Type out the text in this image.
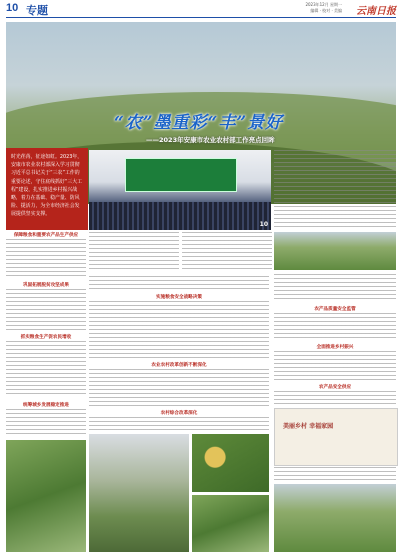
10 专题	2023年12月 星期一
编辑 · 校对 · 美编 云南日报
“农”墨重彩“丰”景好
——2023年安康市农业农村部工作亮点回眸
时光荏苒，征途如虹。2023年，安康市农业农村部深入学习贯彻习近平总书记关于“三农”工作的重要论述，守住底线抓好“三大工程”建设，扎实推进乡村振兴战略，着力在基础、稳产量、防风险、提活力，为全市经济社会发展提供坚实支撑。
10
保障粮食和重要农产品生产供应
巩固拓展脱贫攻坚成果
抓实粮食生产促农民增收
统筹城乡发展稳定推进
实施粮食安全战略决策
农业农村改革创新不断深化
农村综合改革深化
农产品质量安全监管
全面推进乡村振兴
农产品安全供应
美丽乡村 幸福家园
